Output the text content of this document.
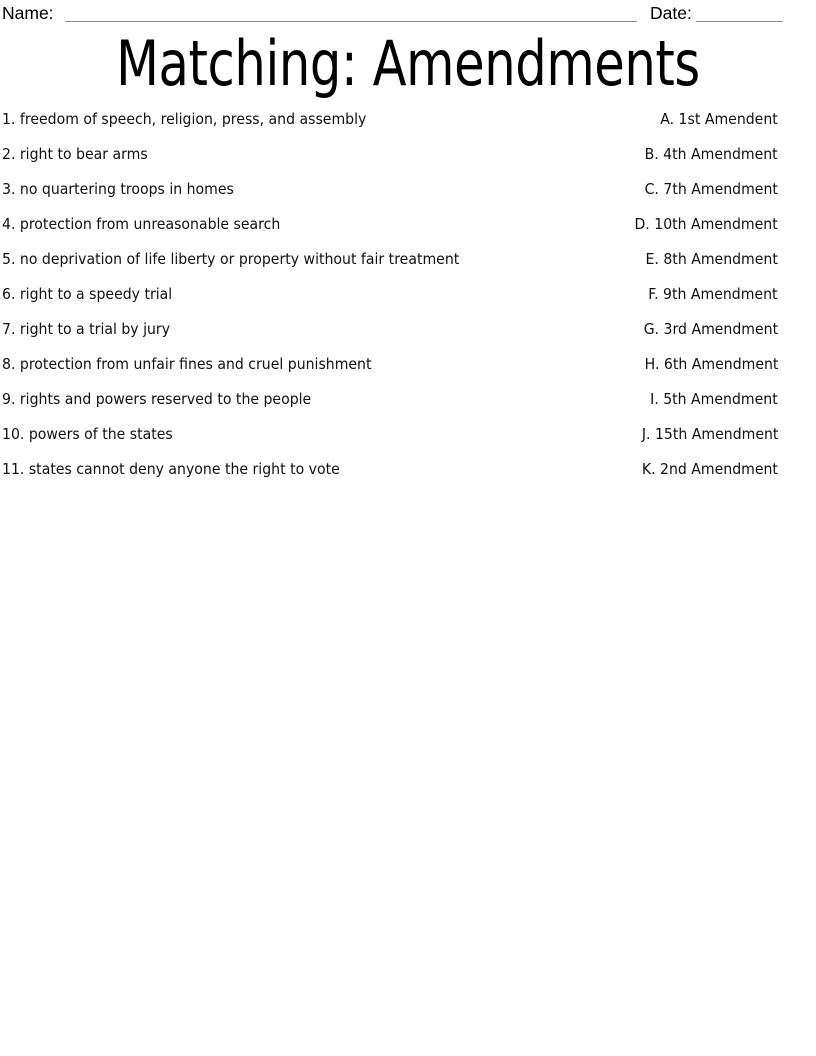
Name:	Date:
Matching: Amendments
1. freedom of speech, religion, press, and assembly	A. 1st Amendent
2. right to bear arms	B. 4th Amendment
3. no quartering troops in homes	C. 7th Amendment
4. protection from unreasonable search	D. 10th Amendment
5. no deprivation of life liberty or property without fair treatment	E. 8th Amendment
6. right to a speedy trial	F. 9th Amendment
7. right to a trial by jury	G. 3rd Amendment
8. protection from unfair fines and cruel punishment	H. 6th Amendment
9. rights and powers reserved to the people	I. 5th Amendment
10. powers of the states	J. 15th Amendment
11. states cannot deny anyone the right to vote	K. 2nd Amendment
